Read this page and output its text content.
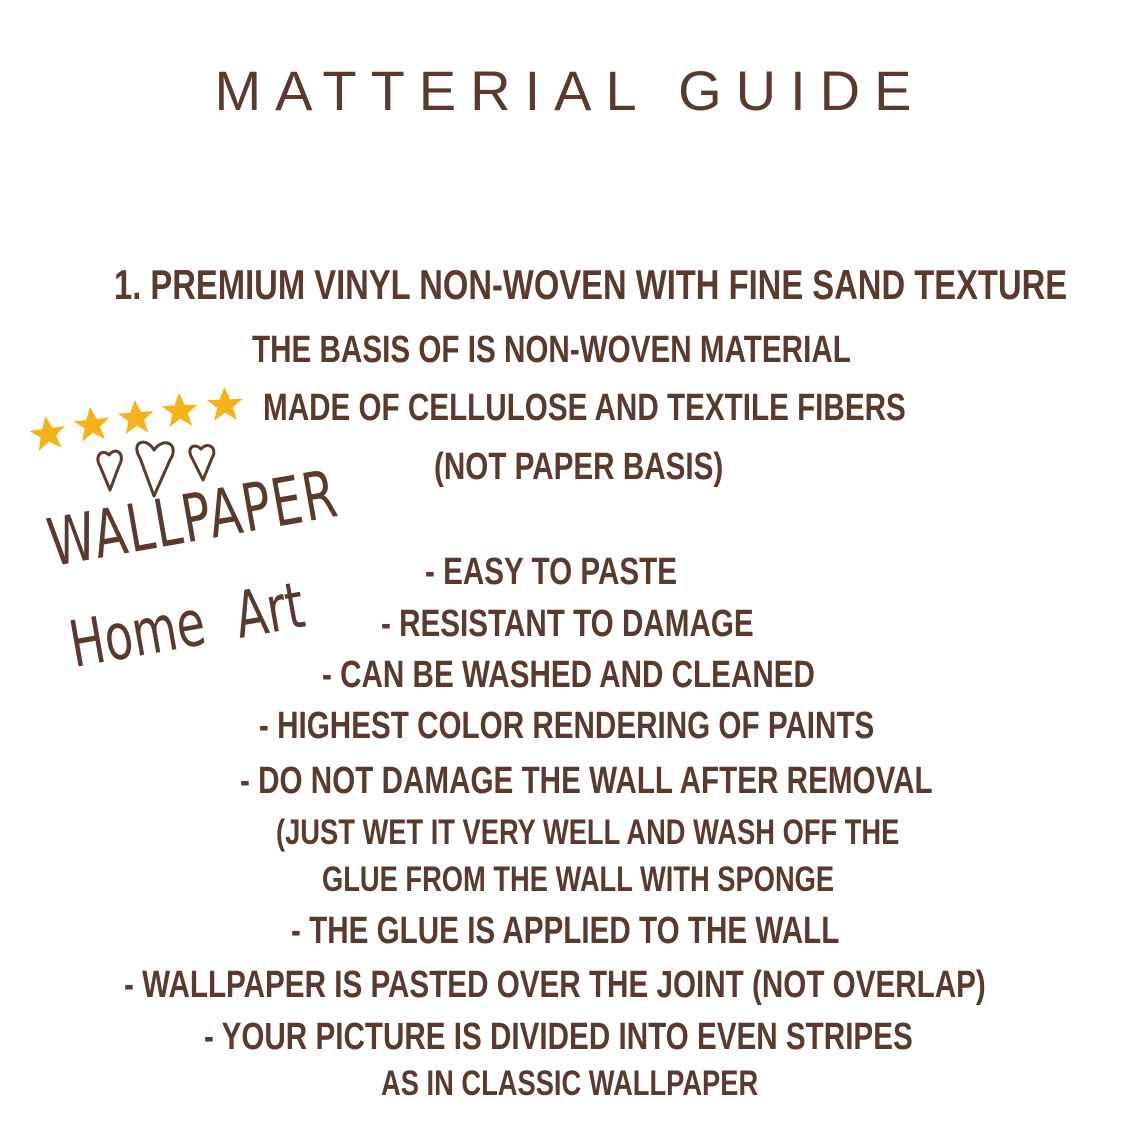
MATTERIAL GUIDE
1. PREMIUM VINYL NON-WOVEN WITH FINE SAND TEXTURE
THE BASIS OF IS NON-WOVEN MATERIAL
MADE OF CELLULOSE AND TEXTILE FIBERS
(NOT PAPER BASIS)
- EASY TO PASTE
- RESISTANT TO DAMAGE
- CAN BE WASHED AND CLEANED
- HIGHEST COLOR RENDERING OF PAINTS
- DO NOT DAMAGE THE WALL AFTER REMOVAL
(JUST WET IT VERY WELL AND WASH OFF THE
GLUE FROM THE WALL WITH SPONGE
- THE GLUE IS APPLIED TO THE WALL
- WALLPAPER IS PASTED OVER THE JOINT (NOT OVERLAP)
- YOUR PICTURE IS DIVIDED INTO EVEN STRIPES
AS IN CLASSIC WALLPAPER
WALLPAPER
Home Art
